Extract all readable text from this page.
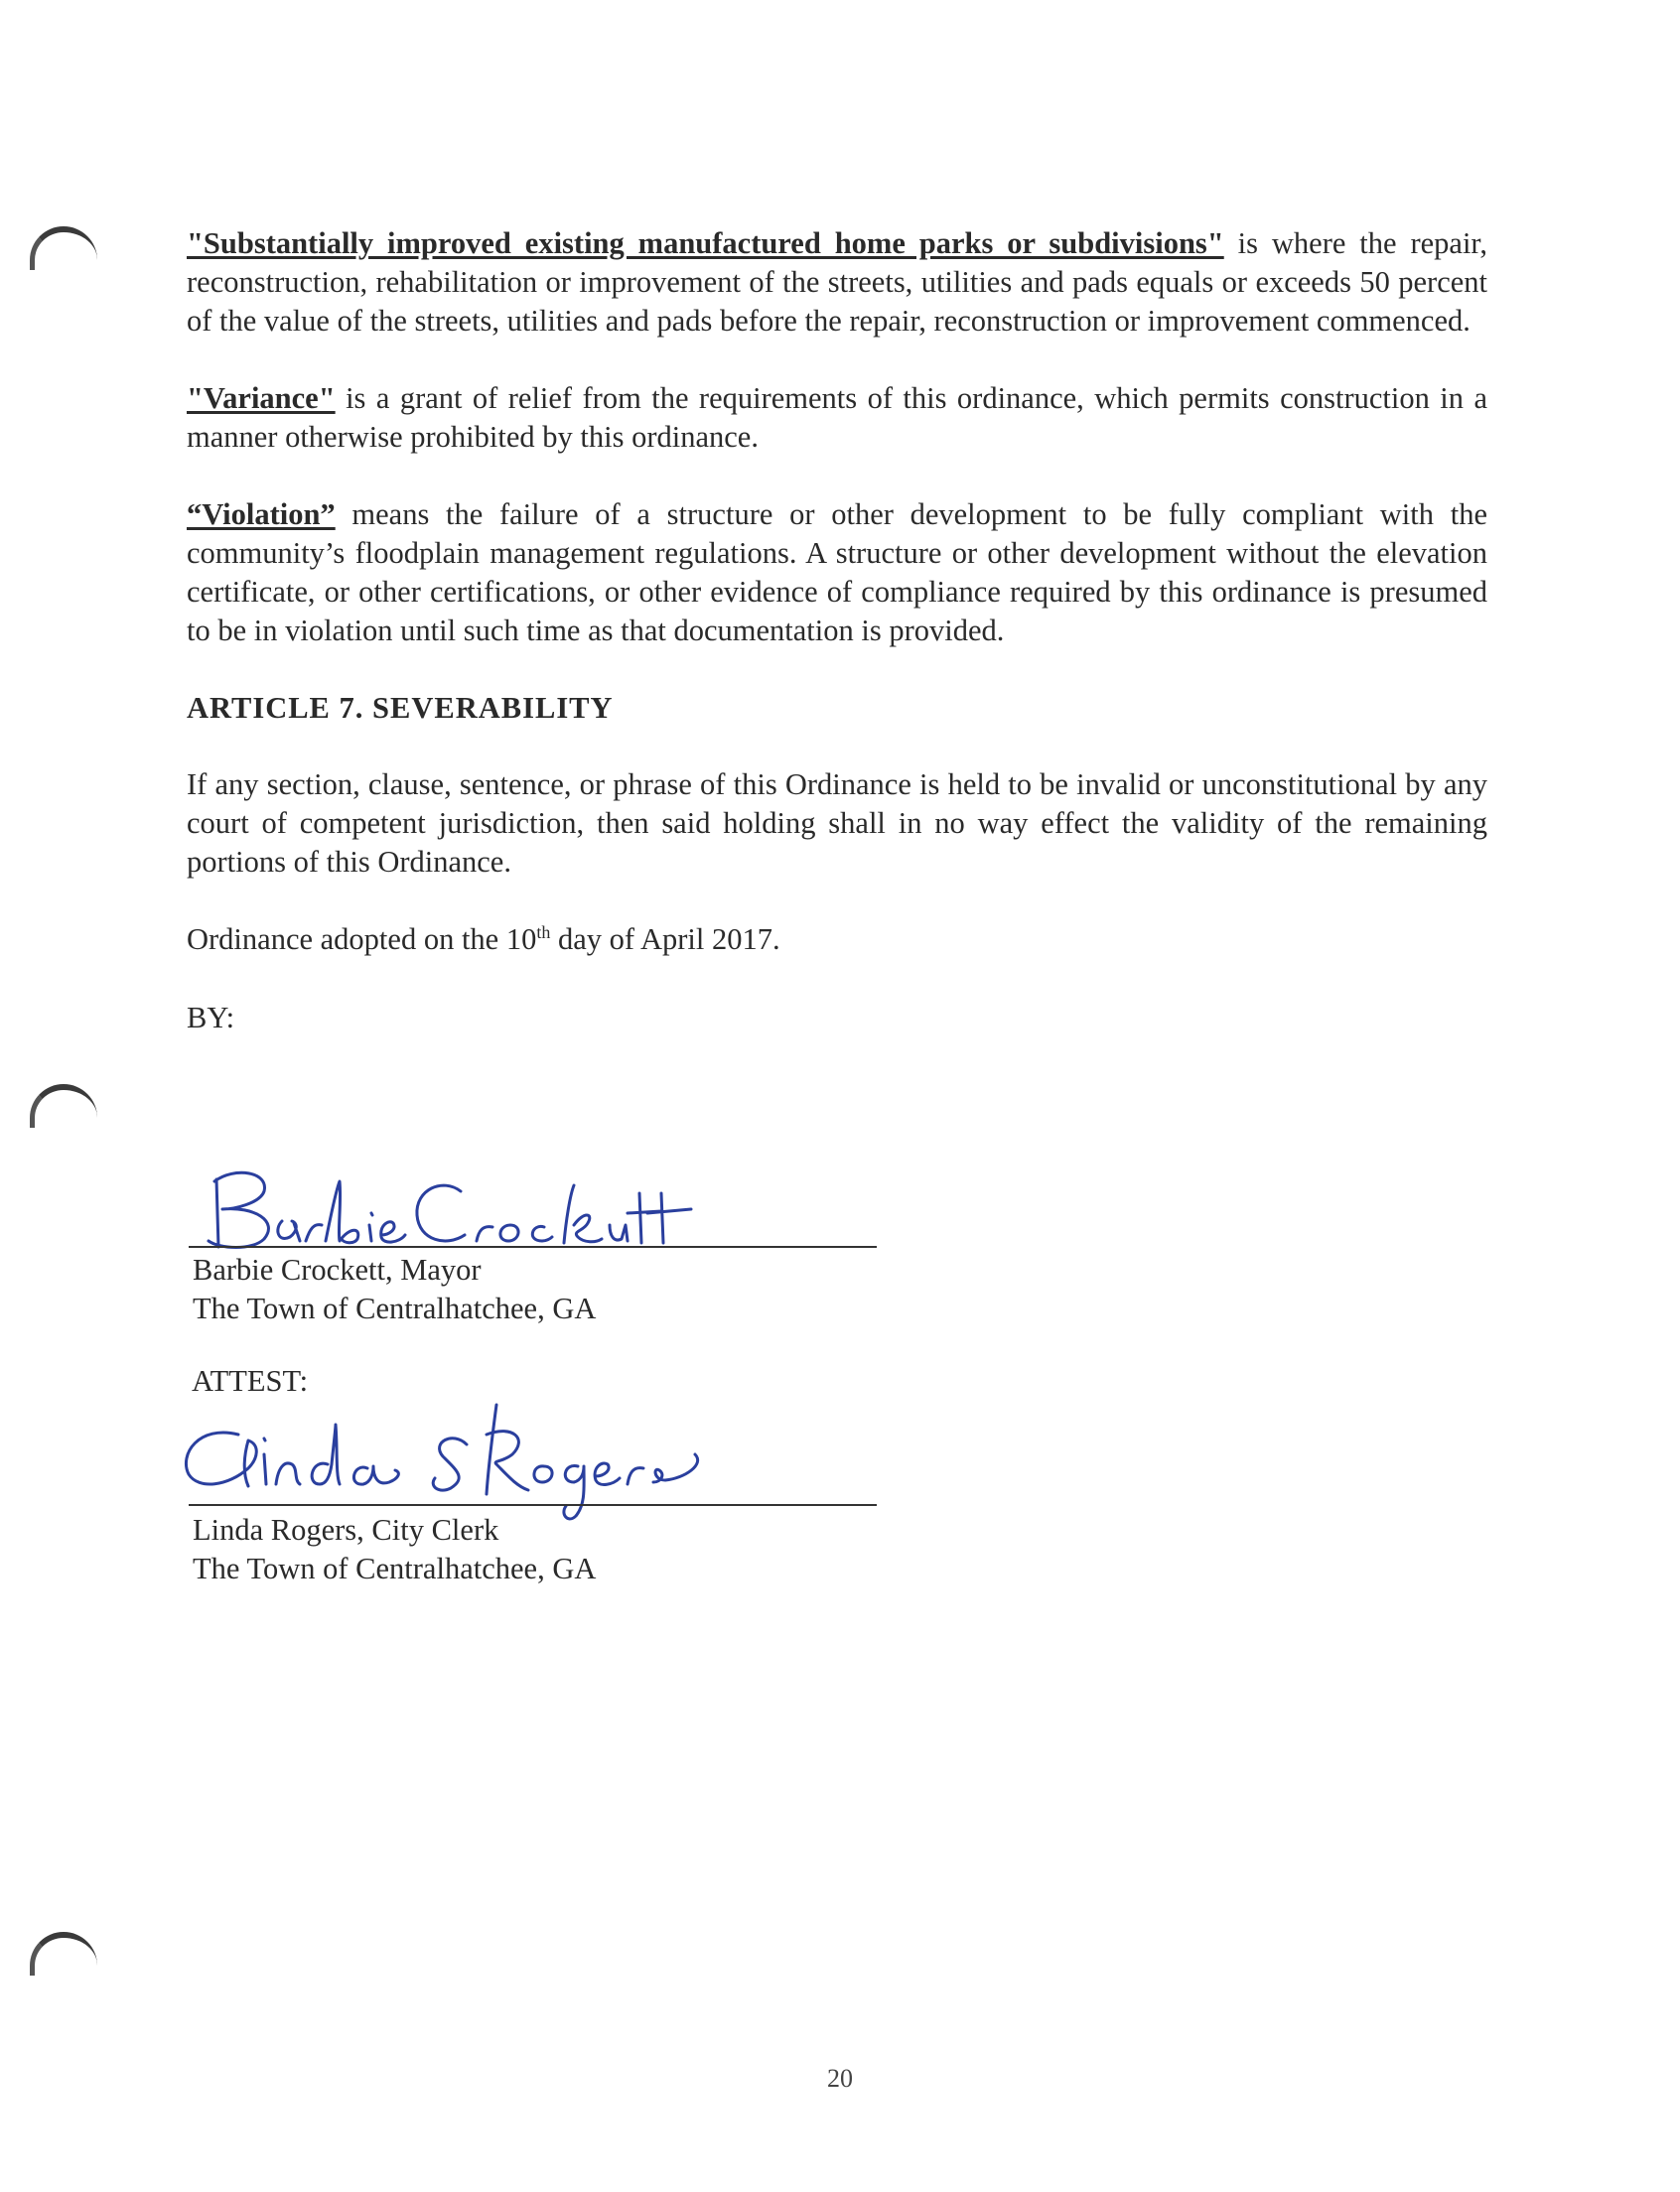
"Substantially improved existing manufactured home parks or subdivisions" is where the repair, reconstruction, rehabilitation or improvement of the streets, utilities and pads equals or exceeds 50 percent of the value of the streets, utilities and pads before the repair, reconstruction or improvement commenced.

"Variance" is a grant of relief from the requirements of this ordinance, which permits construction in a manner otherwise prohibited by this ordinance.

“Violation” means the failure of a structure or other development to be fully compliant with the community’s floodplain management regulations. A structure or other development without the elevation certificate, or other certifications, or other evidence of compliance required by this ordinance is presumed to be in violation until such time as that documentation is provided.

ARTICLE 7. SEVERABILITY

If any section, clause, sentence, or phrase of this Ordinance is held to be invalid or unconstitutional by any court of competent jurisdiction, then said holding shall in no way effect the validity of the remaining portions of this Ordinance.

Ordinance adopted on the 10th day of April 2017.

BY:

Barbie Crockett, Mayor
The Town of Centralhatchee, GA
ATTEST:
Linda Rogers, City Clerk
The Town of Centralhatchee, GA
20
